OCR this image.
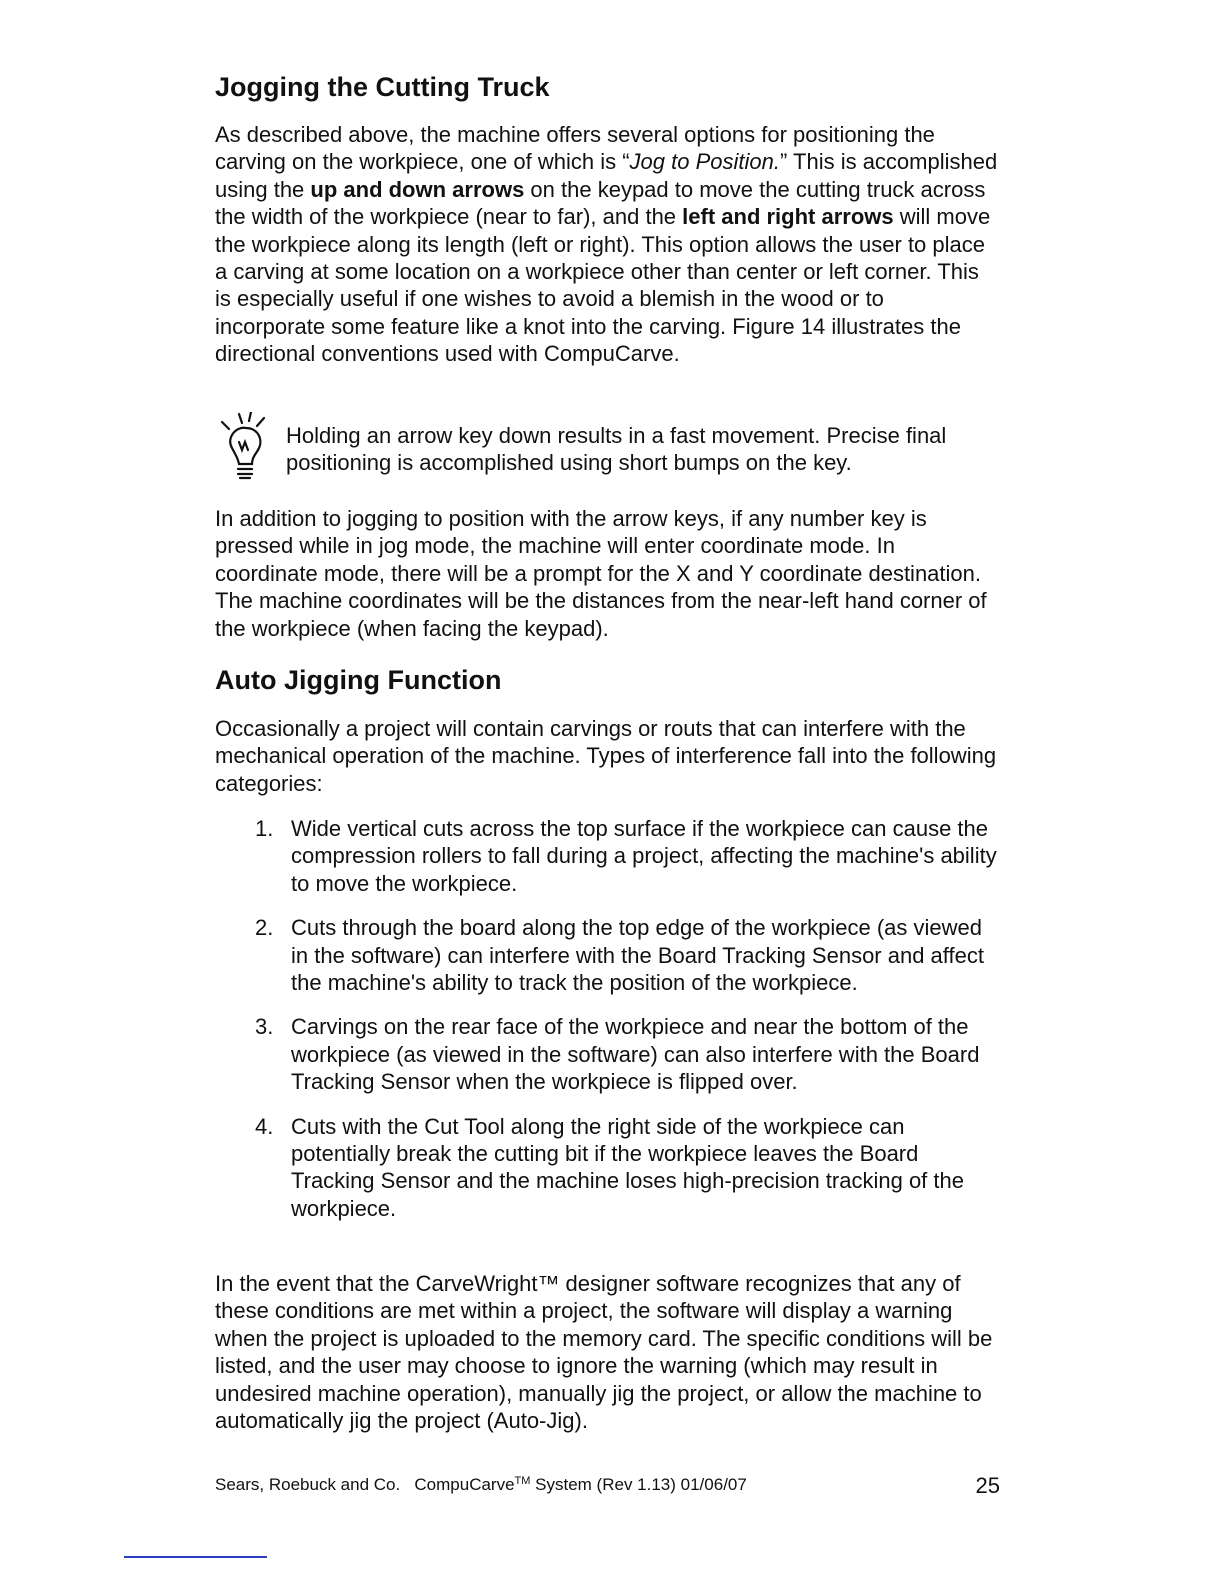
Jogging the Cutting Truck

As described above, the machine offers several options for positioning the carving on the workpiece, one of which is “Jog to Position.” This is accomplished using the up and down arrows on the keypad to move the cutting truck across the width of the workpiece (near to far), and the left and right arrows will move the workpiece along its length (left or right). This option allows the user to place a carving at some location on a workpiece other than center or left corner. This is especially useful if one wishes to avoid a blemish in the wood or to incorporate some feature like a knot into the carving. Figure 14 illustrates the directional conventions used with CompuCarve.

Holding an arrow key down results in a fast movement. Precise final positioning is accomplished using short bumps on the key.

In addition to jogging to position with the arrow keys, if any number key is pressed while in jog mode, the machine will enter coordinate mode. In coordinate mode, there will be a prompt for the X and Y coordinate destination. The machine coordinates will be the distances from the near-left hand corner of the workpiece (when facing the keypad).

Auto Jigging Function

Occasionally a project will contain carvings or routs that can interfere with the mechanical operation of the machine. Types of interference fall into the following categories:

1. Wide vertical cuts across the top surface if the workpiece can cause the compression rollers to fall during a project, affecting the machine's ability to move the workpiece.
2. Cuts through the board along the top edge of the workpiece (as viewed in the software) can interfere with the Board Tracking Sensor and affect the machine's ability to track the position of the workpiece.
3. Carvings on the rear face of the workpiece and near the bottom of the workpiece (as viewed in the software) can also interfere with the Board Tracking Sensor when the workpiece is flipped over.
4. Cuts with the Cut Tool along the right side of the workpiece can potentially break the cutting bit if the workpiece leaves the Board Tracking Sensor and the machine loses high-precision tracking of the workpiece.

In the event that the CarveWright™ designer software recognizes that any of these conditions are met within a project, the software will display a warning when the project is uploaded to the memory card. The specific conditions will be listed, and the user may choose to ignore the warning (which may result in undesired machine operation), manually jig the project, or allow the machine to automatically jig the project (Auto-Jig).

Sears, Roebuck and Co. CompuCarve™ System (Rev 1.13) 01/06/07	25
